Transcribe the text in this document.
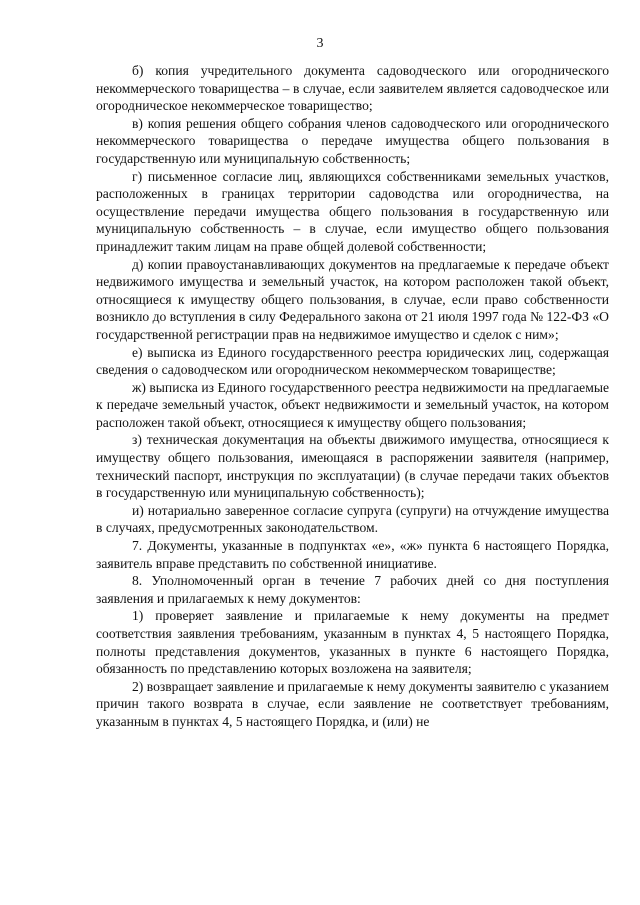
3

б) копия учредительного документа садоводческого или огороднического некоммерческого товарищества – в случае, если заявителем является садоводческое или огородническое некоммерческое товарищество;

в) копия решения общего собрания членов садоводческого или огороднического некоммерческого товарищества о передаче имущества общего пользования в государственную или муниципальную собственность;

г) письменное согласие лиц, являющихся собственниками земельных участков, расположенных в границах территории садоводства или огородничества, на осуществление передачи имущества общего пользования в государственную или муниципальную собственность – в случае, если имущество общего пользования принадлежит таким лицам на праве общей долевой собственности;

д) копии правоустанавливающих документов на предлагаемые к передаче объект недвижимого имущества и земельный участок, на котором расположен такой объект, относящиеся к имуществу общего пользования, в случае, если право собственности возникло до вступления в силу Федерального закона от 21 июля 1997 года № 122-ФЗ «О государственной регистрации прав на недвижимое имущество и сделок с ним»;

е) выписка из Единого государственного реестра юридических лиц, содержащая сведения о садоводческом или огородническом некоммерческом товариществе;

ж) выписка из Единого государственного реестра недвижимости на предлагаемые к передаче земельный участок, объект недвижимости и земельный участок, на котором расположен такой объект, относящиеся к имуществу общего пользования;

з) техническая документация на объекты движимого имущества, относящиеся к имуществу общего пользования, имеющаяся в распоряжении заявителя (например, технический паспорт, инструкция по эксплуатации) (в случае передачи таких объектов в государственную или муниципальную собственность);

и) нотариально заверенное согласие супруга (супруги) на отчуждение имущества в случаях, предусмотренных законодательством.

7. Документы, указанные в подпунктах «е», «ж» пункта 6 настоящего Порядка, заявитель вправе представить по собственной инициативе.

8. Уполномоченный орган в течение 7 рабочих дней со дня поступления заявления и прилагаемых к нему документов:

1) проверяет заявление и прилагаемые к нему документы на предмет соответствия заявления требованиям, указанным в пунктах 4, 5 настоящего Порядка, полноты представления документов, указанных в пункте 6 настоящего Порядка, обязанность по представлению которых возложена на заявителя;

2) возвращает заявление и прилагаемые к нему документы заявителю с указанием причин такого возврата в случае, если заявление не соответствует требованиям, указанным в пунктах 4, 5 настоящего Порядка, и (или) не
